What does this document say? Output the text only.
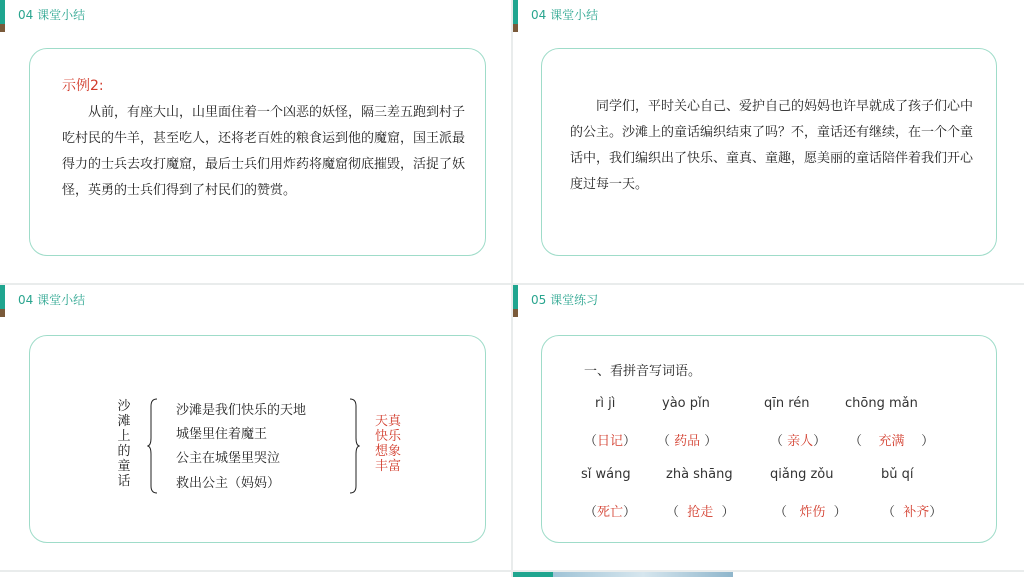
04 课堂小结
示例2:
从前，有座大山，山里面住着一个凶恶的妖怪，隔三差五跑到村子吃村民的牛羊，甚至吃人，还将老百姓的粮食运到他的魔窟，国王派最得力的士兵去攻打魔窟，最后士兵们用炸药将魔窟彻底摧毁，活捉了妖怪，英勇的士兵们得到了村民们的赞赏。
04 课堂小结
同学们，平时关心自己、爱护自己的妈妈也许早就成了孩子们心中的公主。沙滩上的童话编织结束了吗？不，童话还有继续，在一个个童话中，我们编织出了快乐、童真、童趣，愿美丽的童话陪伴着我们开心度过每一天。
04 课堂小结
沙
滩
上
的
童
话
沙滩是我们快乐的天地
城堡里住着魔王
公主在城堡里哭泣
救出公主（妈妈）
天真
快乐
想象
丰富
05 课堂练习
一、看拼音写词语。
rì jì	yào pǐn	qīn rén	chōng mǎn
（日记） （ 药品 ）	（ 亲人） （    充满    ）
sǐ wáng	zhà shāng	qiǎng zǒu	bǔ qí
（死亡） （  抢走  ）	（   炸伤  ）	（  补齐）
